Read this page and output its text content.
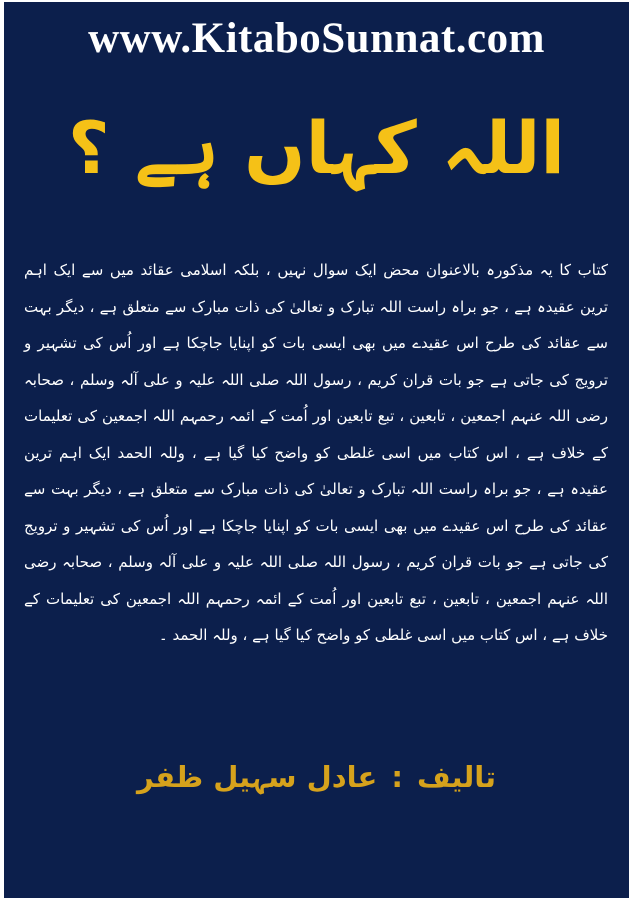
www.KitaboSunnat.com
اللہ کہاں ہے ؟

کتاب کا یہ مذکورہ بالاعنوان محض ایک سوال نہیں ، بلکہ اسلامی عقائد میں سے ایک اہم ترین عقیدہ ہے ، جو براہ راست اللہ تبارک و تعالیٰ کی ذات مبارک سے متعلق ہے ، دیگر بہت سے عقائد کی طرح اس عقیدے میں بھی ایسی بات کو اپنایا جاچکا ہے اور اُس کی تشہیر و ترویج کی جاتی ہے جو بات قران کریم ، رسول اللہ صلی اللہ علیہ و علی آلہ وسلم ، صحابہ رضی اللہ عنہم اجمعین ، تابعین ، تبع تابعین اور اُمت کے ائمہ رحمہم اللہ اجمعین کی تعلیمات کے خلاف ہے ، اس کتاب میں اسی غلطی کو واضح کیا گیا ہے ، وللہ الحمد ایک اہم ترین عقیدہ ہے ، جو براہ راست اللہ تبارک و تعالیٰ کی ذات مبارک سے متعلق ہے ، دیگر بہت سے عقائد کی طرح اس عقیدے میں بھی ایسی بات کو اپنایا جاچکا ہے اور اُس کی تشہیر و ترویج کی جاتی ہے جو بات قران کریم ، رسول اللہ صلی اللہ علیہ و علی آلہ وسلم ، صحابہ رضی اللہ عنہم اجمعین ، تابعین ، تبع تابعین اور اُمت کے ائمہ رحمہم اللہ اجمعین کی تعلیمات کے خلاف ہے ، اس کتاب میں اسی غلطی کو واضح کیا گیا ہے ، وللہ الحمد ۔

تالیف:عادل سہیل ظفر
